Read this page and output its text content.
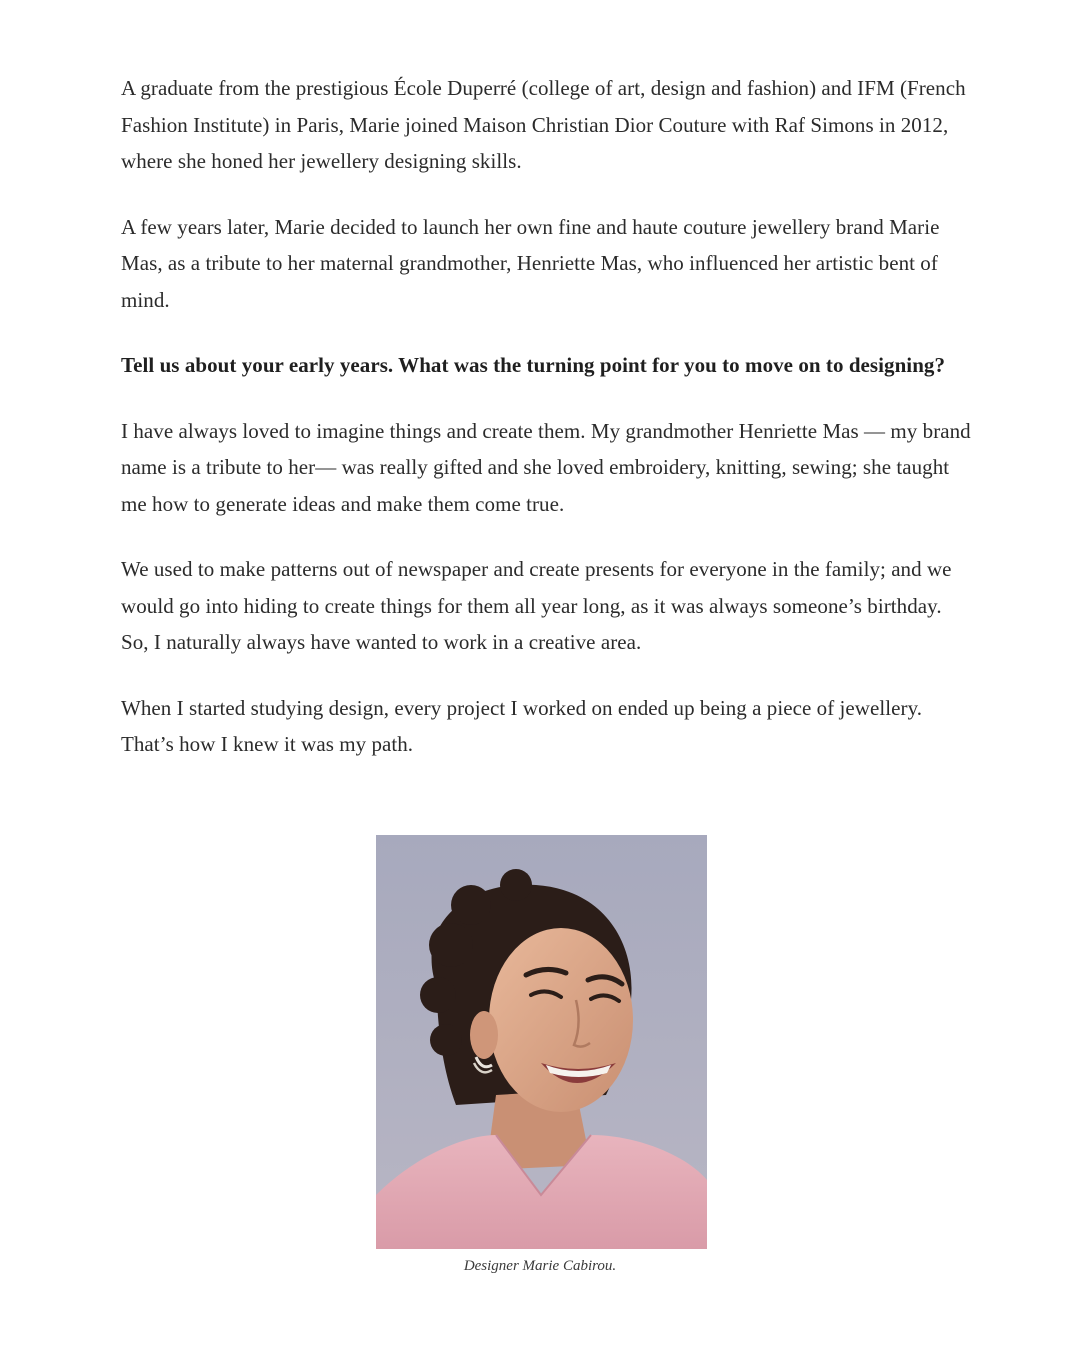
A graduate from the prestigious École Duperré (college of art, design and fashion) and IFM (French Fashion Institute) in Paris, Marie joined Maison Christian Dior Couture with Raf Simons in 2012, where she honed her jewellery designing skills.

A few years later, Marie decided to launch her own fine and haute couture jewellery brand Marie Mas, as a tribute to her maternal grandmother, Henriette Mas, who influenced her artistic bent of mind.

Tell us about your early years. What was the turning point for you to move on to designing?

I have always loved to imagine things and create them. My grandmother Henriette Mas — my brand name is a tribute to her— was really gifted and she loved embroidery, knitting, sewing; she taught me how to generate ideas and make them come true.

We used to make patterns out of newspaper and create presents for everyone in the family; and we would go into hiding to create things for them all year long, as it was always someone’s birthday. So, I naturally always have wanted to work in a creative area.

When I started studying design, every project I worked on ended up being a piece of jewellery. That’s how I knew it was my path.

Designer Marie Cabirou.
